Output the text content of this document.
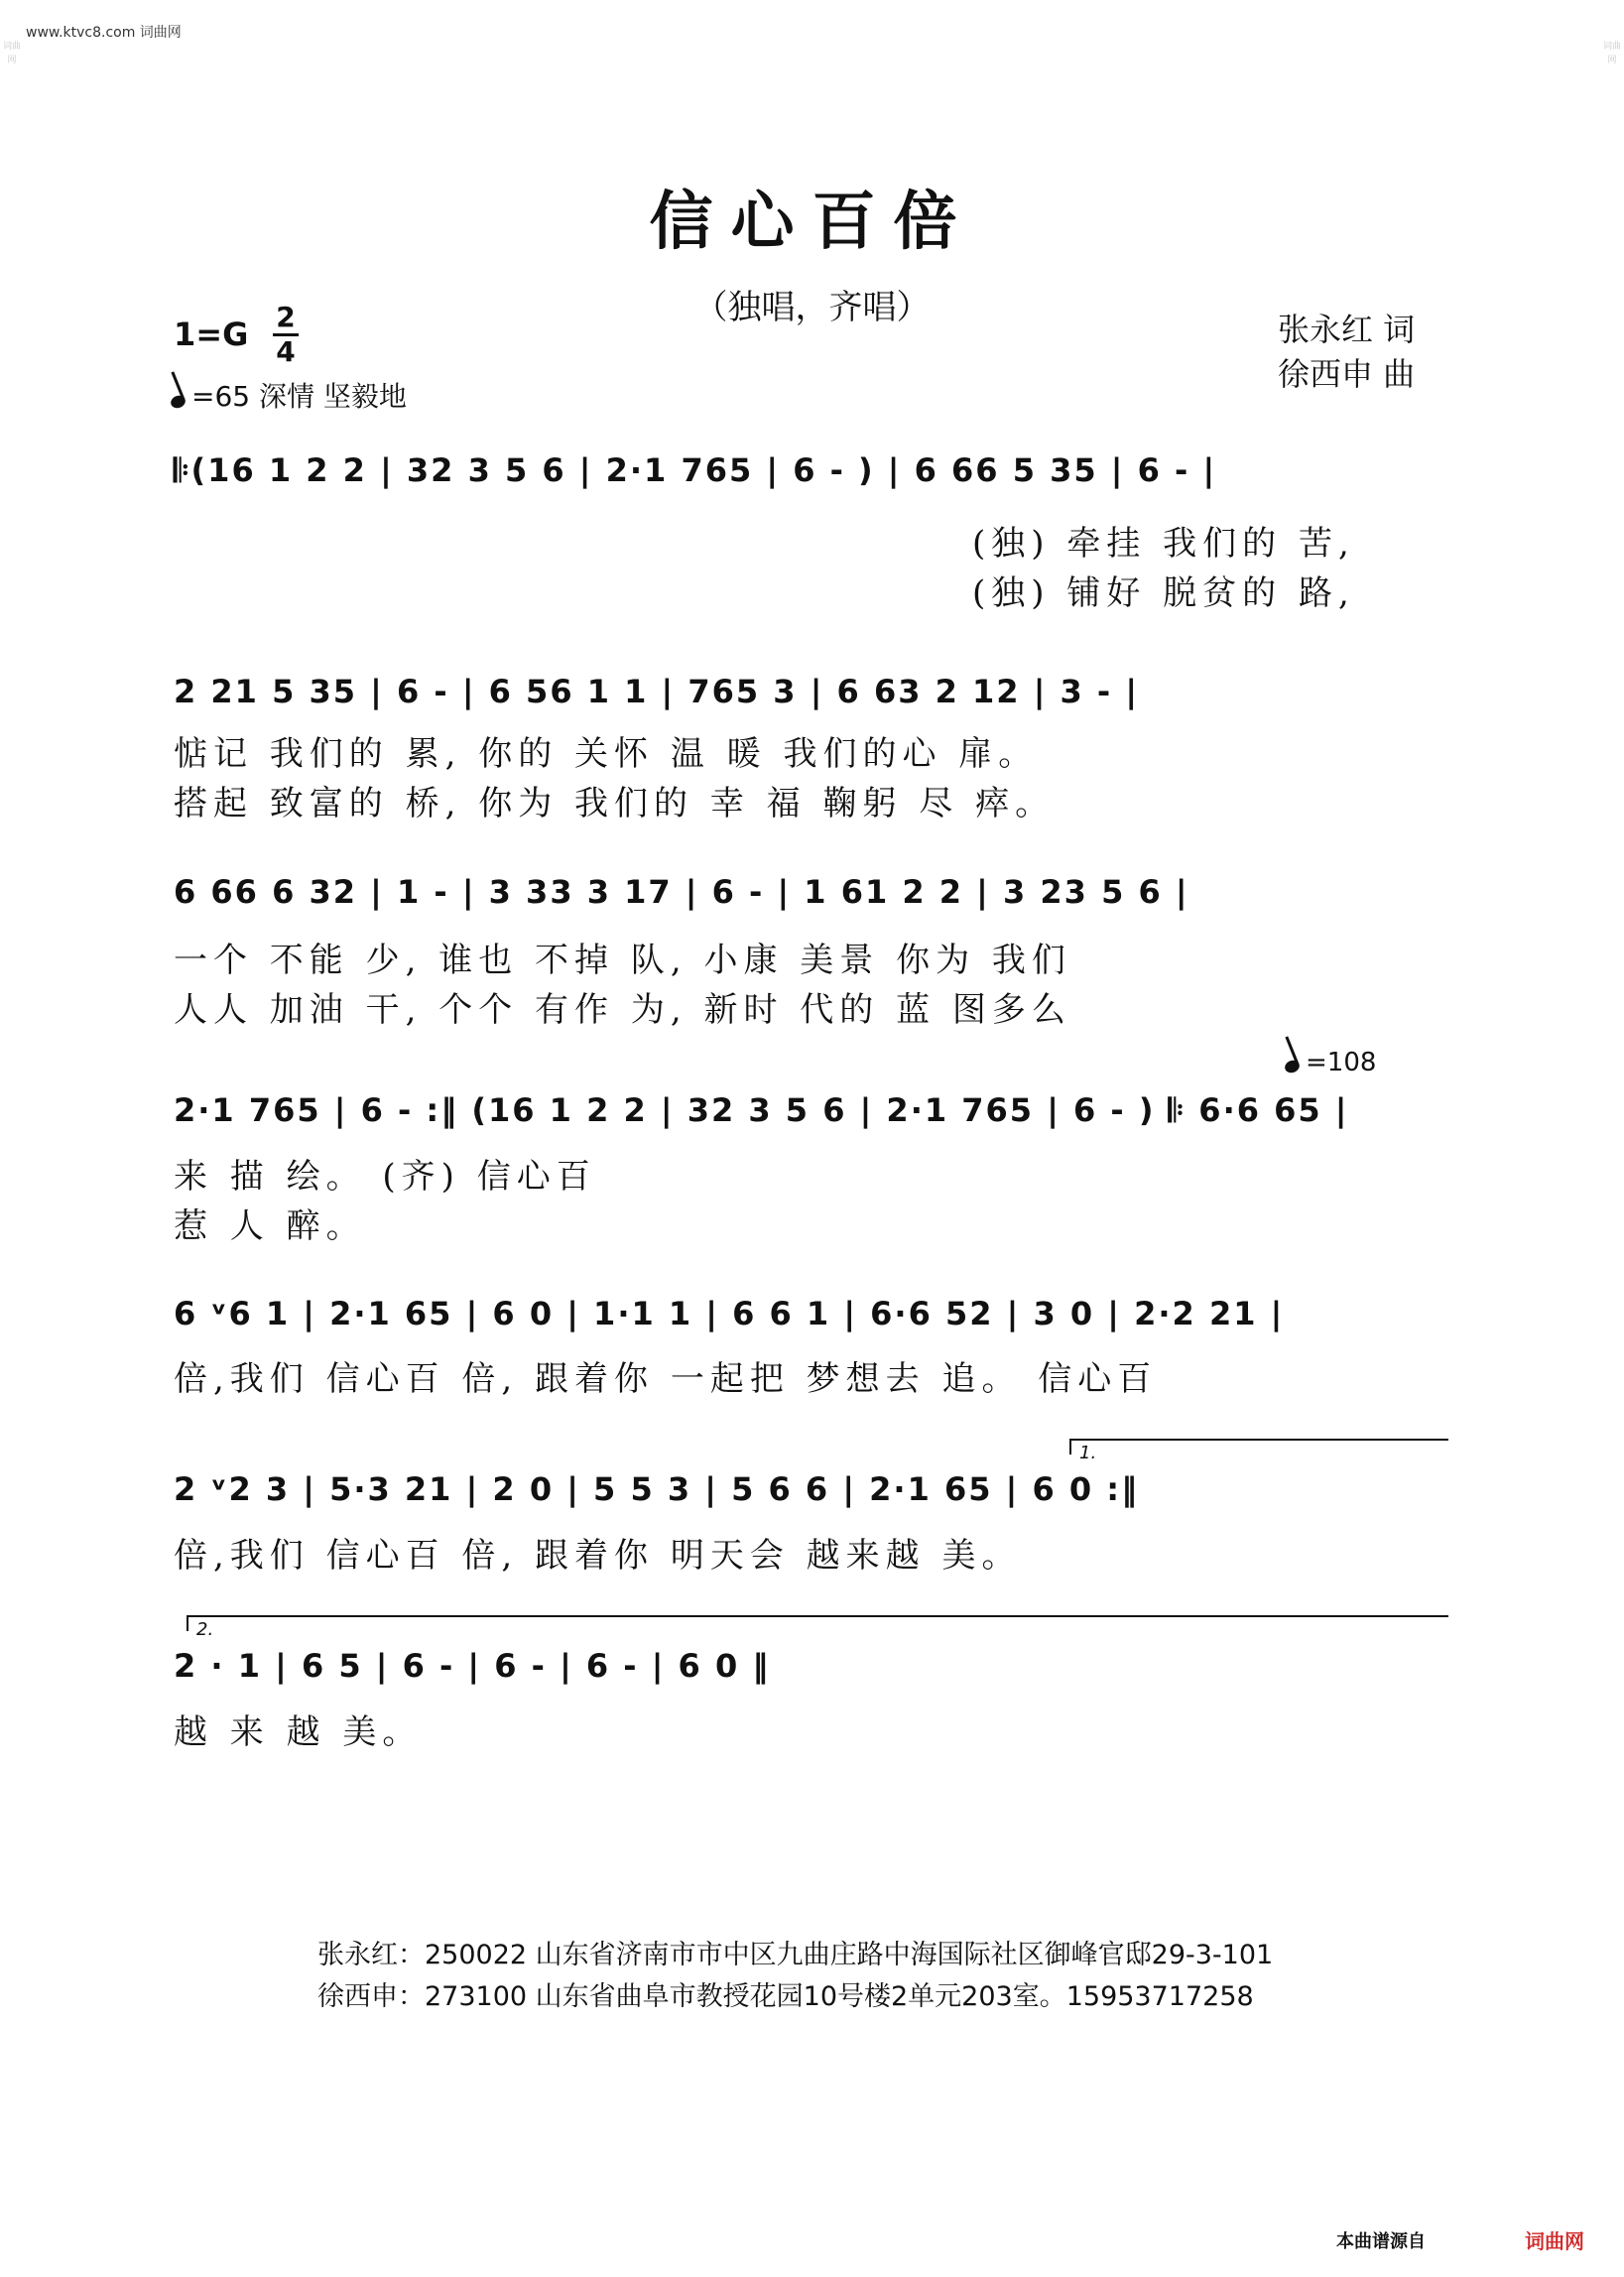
www.ktvc8.com 词曲网
词曲网
词曲网
信心百倍
（独唱，齐唱）
1=G 2
4
=65 深情 坚毅地
张永红 词
徐西申 曲
𝄆(16 1 2 2 | 32 3 5 6 | 2·1 765 | 6 - ) | 6 66 5 35 | 6 - |
(独) 牵挂 我们的 苦,
(独) 铺好 脱贫的 路,
2 21 5 35 | 6 - | 6 56 1 1 | 765 3 | 6 63 2 12 | 3 - |
惦记 我们的 累, 你的 关怀 温 暖 我们的心 扉。
搭起 致富的 桥, 你为 我们的 幸 福 鞠躬 尽 瘁。
6 66 6 32 | 1 - | 3 33 3 17 | 6 - | 1 61 2 2 | 3 23 5 6 |
一个 不能 少, 谁也 不掉 队, 小康 美景 你为 我们
人人 加油 干, 个个 有作 为, 新时 代的 蓝 图多么
=108
2·1 765 | 6 - :‖ (16 1 2 2 | 32 3 5 6 | 2·1 765 | 6 - ) 𝄆 6·6 65 |
来 描 绘。 (齐) 信心百
惹 人 醉。
6 ᵛ6 1 | 2·1 65 | 6 0 | 1·1 1 | 6 6 1 | 6·6 52 | 3 0 | 2·2 21 |
倍,我们 信心百 倍, 跟着你 一起把 梦想去 追。 信心百
1.
2 ᵛ2 3 | 5·3 21 | 2 0 | 5 5 3 | 5 6 6 | 2·1 65 | 6 0 :‖
倍,我们 信心百 倍, 跟着你 明天会 越来越 美。
2.
2 · 1 | 6 5 | 6 - | 6 - | 6 - | 6 0 ‖
越 来 越 美。
张永红：250022 山东省济南市市中区九曲庄路中海国际社区御峰官邸29-3-101
徐西申：273100 山东省曲阜市教授花园10号楼2单元203室。15953717258
本曲谱源自	词曲网
